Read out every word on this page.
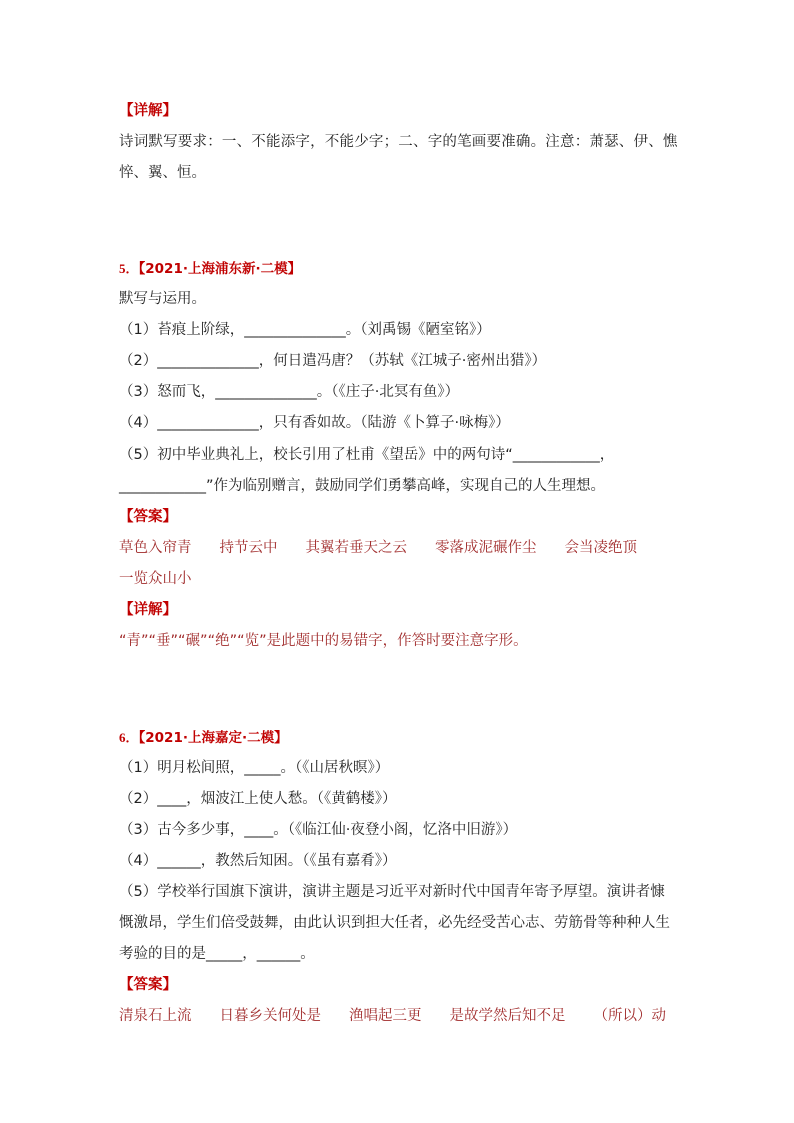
【详解】
诗词默写要求：一、不能添字，不能少字；二、字的笔画要准确。注意：萧瑟、伊、憔
悴、翼、恒。
5．【2021·上海浦东新·二模】
默写与运用。
（1）苔痕上阶绿，______________。（刘禹锡《陋室铭》）
（2）______________，何日遣冯唐？（苏轼《江城子·密州出猎》）
（3）怒而飞，______________。（《庄子·北冥有鱼》）
（4）______________，只有香如故。（陆游《卜算子·咏梅》）
（5）初中毕业典礼上，校长引用了杜甫《望岳》中的两句诗“____________，
____________”作为临别赠言，鼓励同学们勇攀高峰，实现自己的人生理想。
【答案】
草色入帘青 持节云中 其翼若垂天之云 零落成泥碾作尘 会当凌绝顶
一览众山小
【详解】
“青”“垂”“碾”“绝”“览”是此题中的易错字，作答时要注意字形。
6．【2021·上海嘉定·二模】
（1）明月松间照，_____。（《山居秋暝》）
（2）____，烟波江上使人愁。（《黄鹤楼》）
（3）古今多少事，____。（《临江仙·夜登小阁，忆洛中旧游》）
（4）______，教然后知困。（《虽有嘉肴》）
（5）学校举行国旗下演讲，演讲主题是习近平对新时代中国青年寄予厚望。演讲者慷
慨激昂，学生们倍受鼓舞，由此认识到担大任者，必先经受苦心志、劳筋骨等种种人生
考验的目的是_____，______。
【答案】
清泉石上流 日暮乡关何处是 渔唱起三更 是故学然后知不足 （所以）动
